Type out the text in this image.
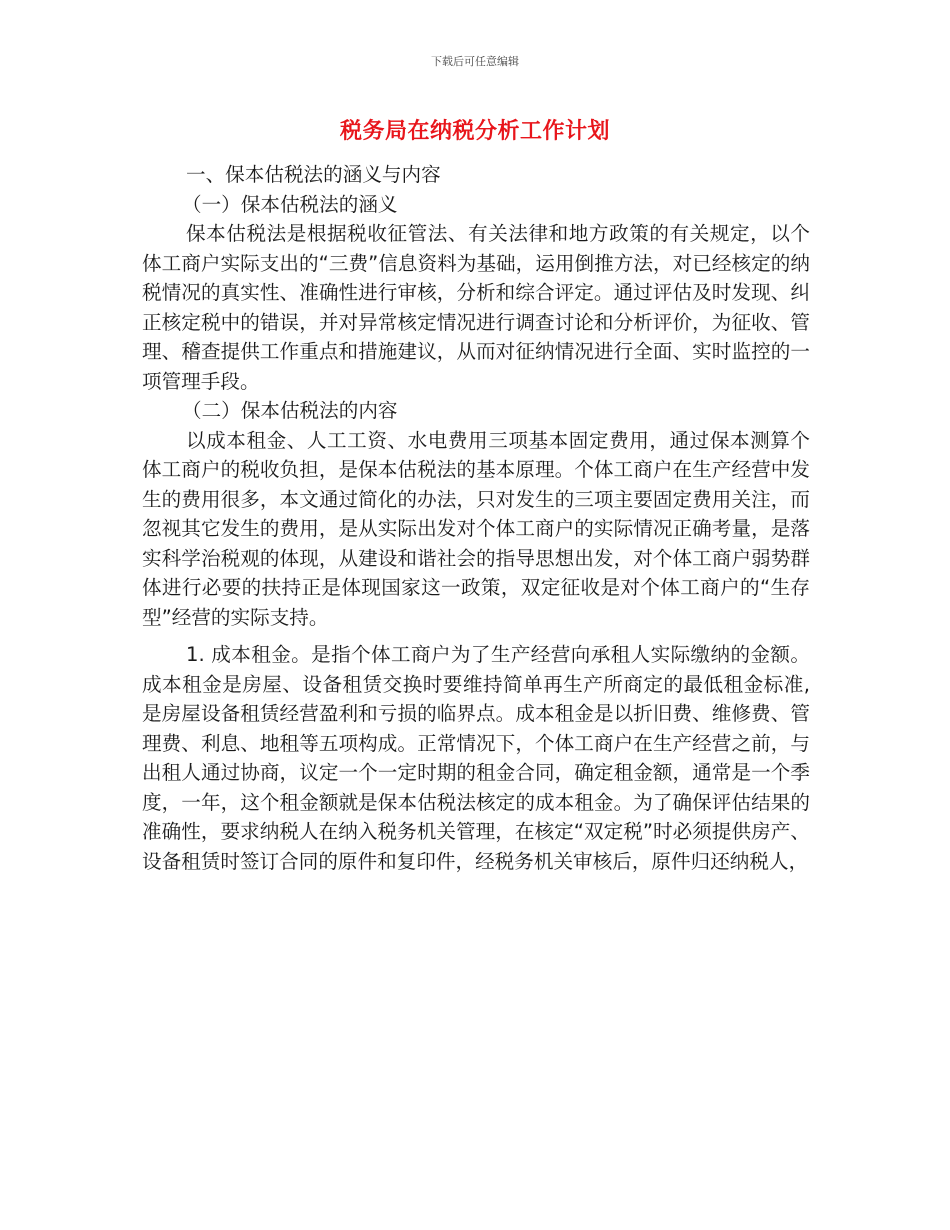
下载后可任意编辑
税务局在纳税分析工作计划

一、保本估税法的涵义与内容

（一）保本估税法的涵义

保本估税法是根据税收征管法、有关法律和地方政策的有关规定，以个体工商户实际支出的“三费”信息资料为基础，运用倒推方法，对已经核定的纳税情况的真实性、准确性进行审核，分析和综合评定。通过评估及时发现、纠正核定税中的错误，并对异常核定情况进行调查讨论和分析评价，为征收、管理、稽查提供工作重点和措施建议，从而对征纳情况进行全面、实时监控的一项管理手段。

（二）保本估税法的内容

以成本租金、人工工资、水电费用三项基本固定费用，通过保本测算个体工商户的税收负担，是保本估税法的基本原理。个体工商户在生产经营中发生的费用很多，本文通过简化的办法，只对发生的三项主要固定费用关注，而忽视其它发生的费用，是从实际出发对个体工商户的实际情况正确考量，是落实科学治税观的体现，从建设和谐社会的指导思想出发，对个体工商户弱势群体进行必要的扶持正是体现国家这一政策，双定征收是对个体工商户的“生存型”经营的实际支持。

1. 成本租金。是指个体工商户为了生产经营向承租人实际缴纳的金额。成本租金是房屋、设备租赁交换时要维持简单再生产所商定的最低租金标准,是房屋设备租赁经营盈利和亏损的临界点。成本租金是以折旧费、维修费、管理费、利息、地租等五项构成。正常情况下，个体工商户在生产经营之前，与出租人通过协商，议定一个一定时期的租金合同，确定租金额，通常是一个季度，一年，这个租金额就是保本估税法核定的成本租金。为了确保评估结果的准确性，要求纳税人在纳入税务机关管理，在核定“双定税”时必须提供房产、设备租赁时签订合同的原件和复印件，经税务机关审核后，原件归还纳税人，
